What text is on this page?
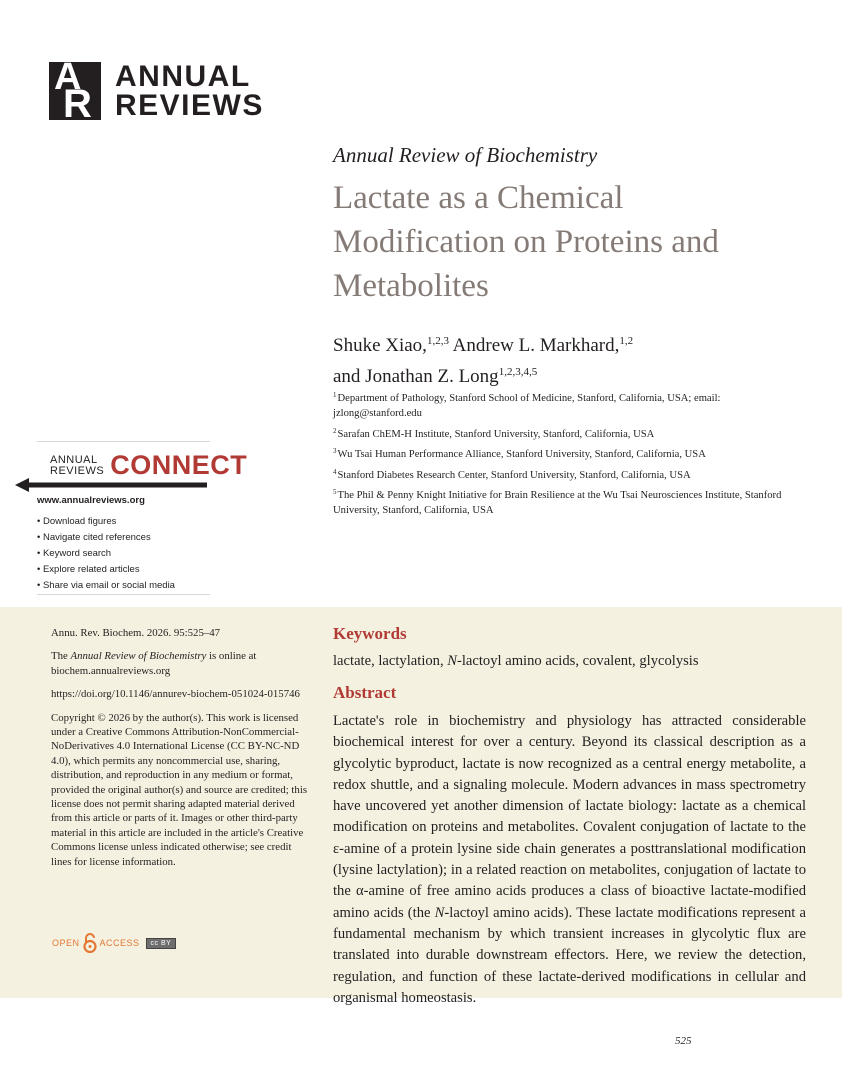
A
R
ANNUAL
REVIEWS
Annual Review of Biochemistry
Lactate as a Chemical Modification on Proteins and Metabolites
Shuke Xiao,$^{1,2,3}$ Andrew L. Markhard,$^{1,2}$
and Jonathan Z. Long$^{1,2,3,4,5}$
$^1$Department of Pathology, Stanford School of Medicine, Stanford, California, USA; email: jzlong@stanford.edu
$^2$Sarafan ChEM-H Institute, Stanford University, Stanford, California, USA
$^3$Wu Tsai Human Performance Alliance, Stanford University, Stanford, California, USA
$^4$Stanford Diabetes Research Center, Stanford University, Stanford, California, USA
$^5$The Phil & Penny Knight Initiative for Brain Resilience at the Wu Tsai Neurosciences Institute, Stanford University, Stanford, California, USA
ANNUAL
REVIEWS CONNECT
www.annualreviews.org
• Download figures
• Navigate cited references
• Keyword search
• Explore related articles
• Share via email or social media

Annu. Rev. Biochem. 2026. 95:525–47

The Annual Review of Biochemistry is online at biochem.annualreviews.org

https://doi.org/10.1146/annurev-biochem-051024-015746

Copyright © 2026 by the author(s). This work is licensed under a Creative Commons Attribution-NonCommercial-NoDerivatives 4.0 International License (CC BY-NC-ND 4.0), which permits any noncommercial use, sharing, distribution, and reproduction in any medium or format, provided the original author(s) and source are credited; this license does not permit sharing adapted material derived from this article or parts of it. Images or other third-party material in this article are included in the article's Creative Commons license unless indicated otherwise; see credit lines for license information.

OPEN ACCESS	cc BY
Keywords
lactate, lactylation, N-lactoyl amino acids, covalent, glycolysis
Abstract
Lactate's role in biochemistry and physiology has attracted considerable biochemical interest for over a century. Beyond its classical description as a glycolytic byproduct, lactate is now recognized as a central energy metabolite, a redox shuttle, and a signaling molecule. Modern advances in mass spectrometry have uncovered yet another dimension of lactate biology: lactate as a chemical modification on proteins and metabolites. Covalent conjugation of lactate to the ε-amine of a protein lysine side chain generates a posttranslational modification (lysine lactylation); in a related reaction on metabolites, conjugation of lactate to the α-amine of free amino acids produces a class of bioactive lactate-modified amino acids (the N-lactoyl amino acids). These lactate modifications represent a fundamental mechanism by which transient increases in glycolytic flux are translated into durable downstream effectors. Here, we review the detection, regulation, and function of these lactate-derived modifications in cellular and organismal homeostasis.
525
